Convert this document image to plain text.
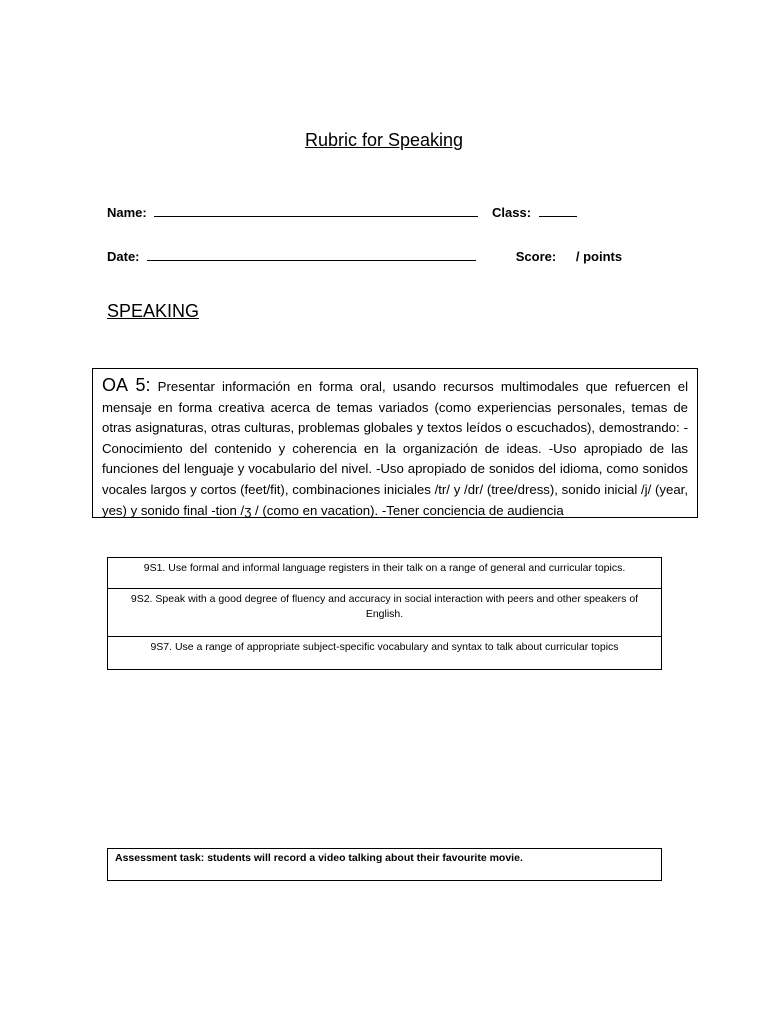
Rubric for Speaking
Name:	Class:
Date:	Score: / points
SPEAKING
OA 5: Presentar información en forma oral, usando recursos multimodales que refuercen el mensaje en forma creativa acerca de temas variados (como experiencias personales, temas de otras asignaturas, otras culturas, problemas globales y textos leídos o escuchados), demostrando: -Conocimiento del contenido y coherencia en la organización de ideas. -Uso apropiado de las funciones del lenguaje y vocabulario del nivel. -Uso apropiado de sonidos del idioma, como sonidos vocales largos y cortos (feet/fit), combinaciones iniciales /tr/ y /dr/ (tree/dress), sonido inicial /j/ (year, yes) y sonido final -tion /ʒ / (como en vacation). -Tener conciencia de audiencia
9S1. Use formal and informal language registers in their talk on a range of general and curricular topics.
9S2. Speak with a good degree of fluency and accuracy in social interaction with peers and other speakers of English.
9S7. Use a range of appropriate subject-specific vocabulary and syntax to talk about curricular topics
Assessment task: students will record a video talking about their favourite movie.
